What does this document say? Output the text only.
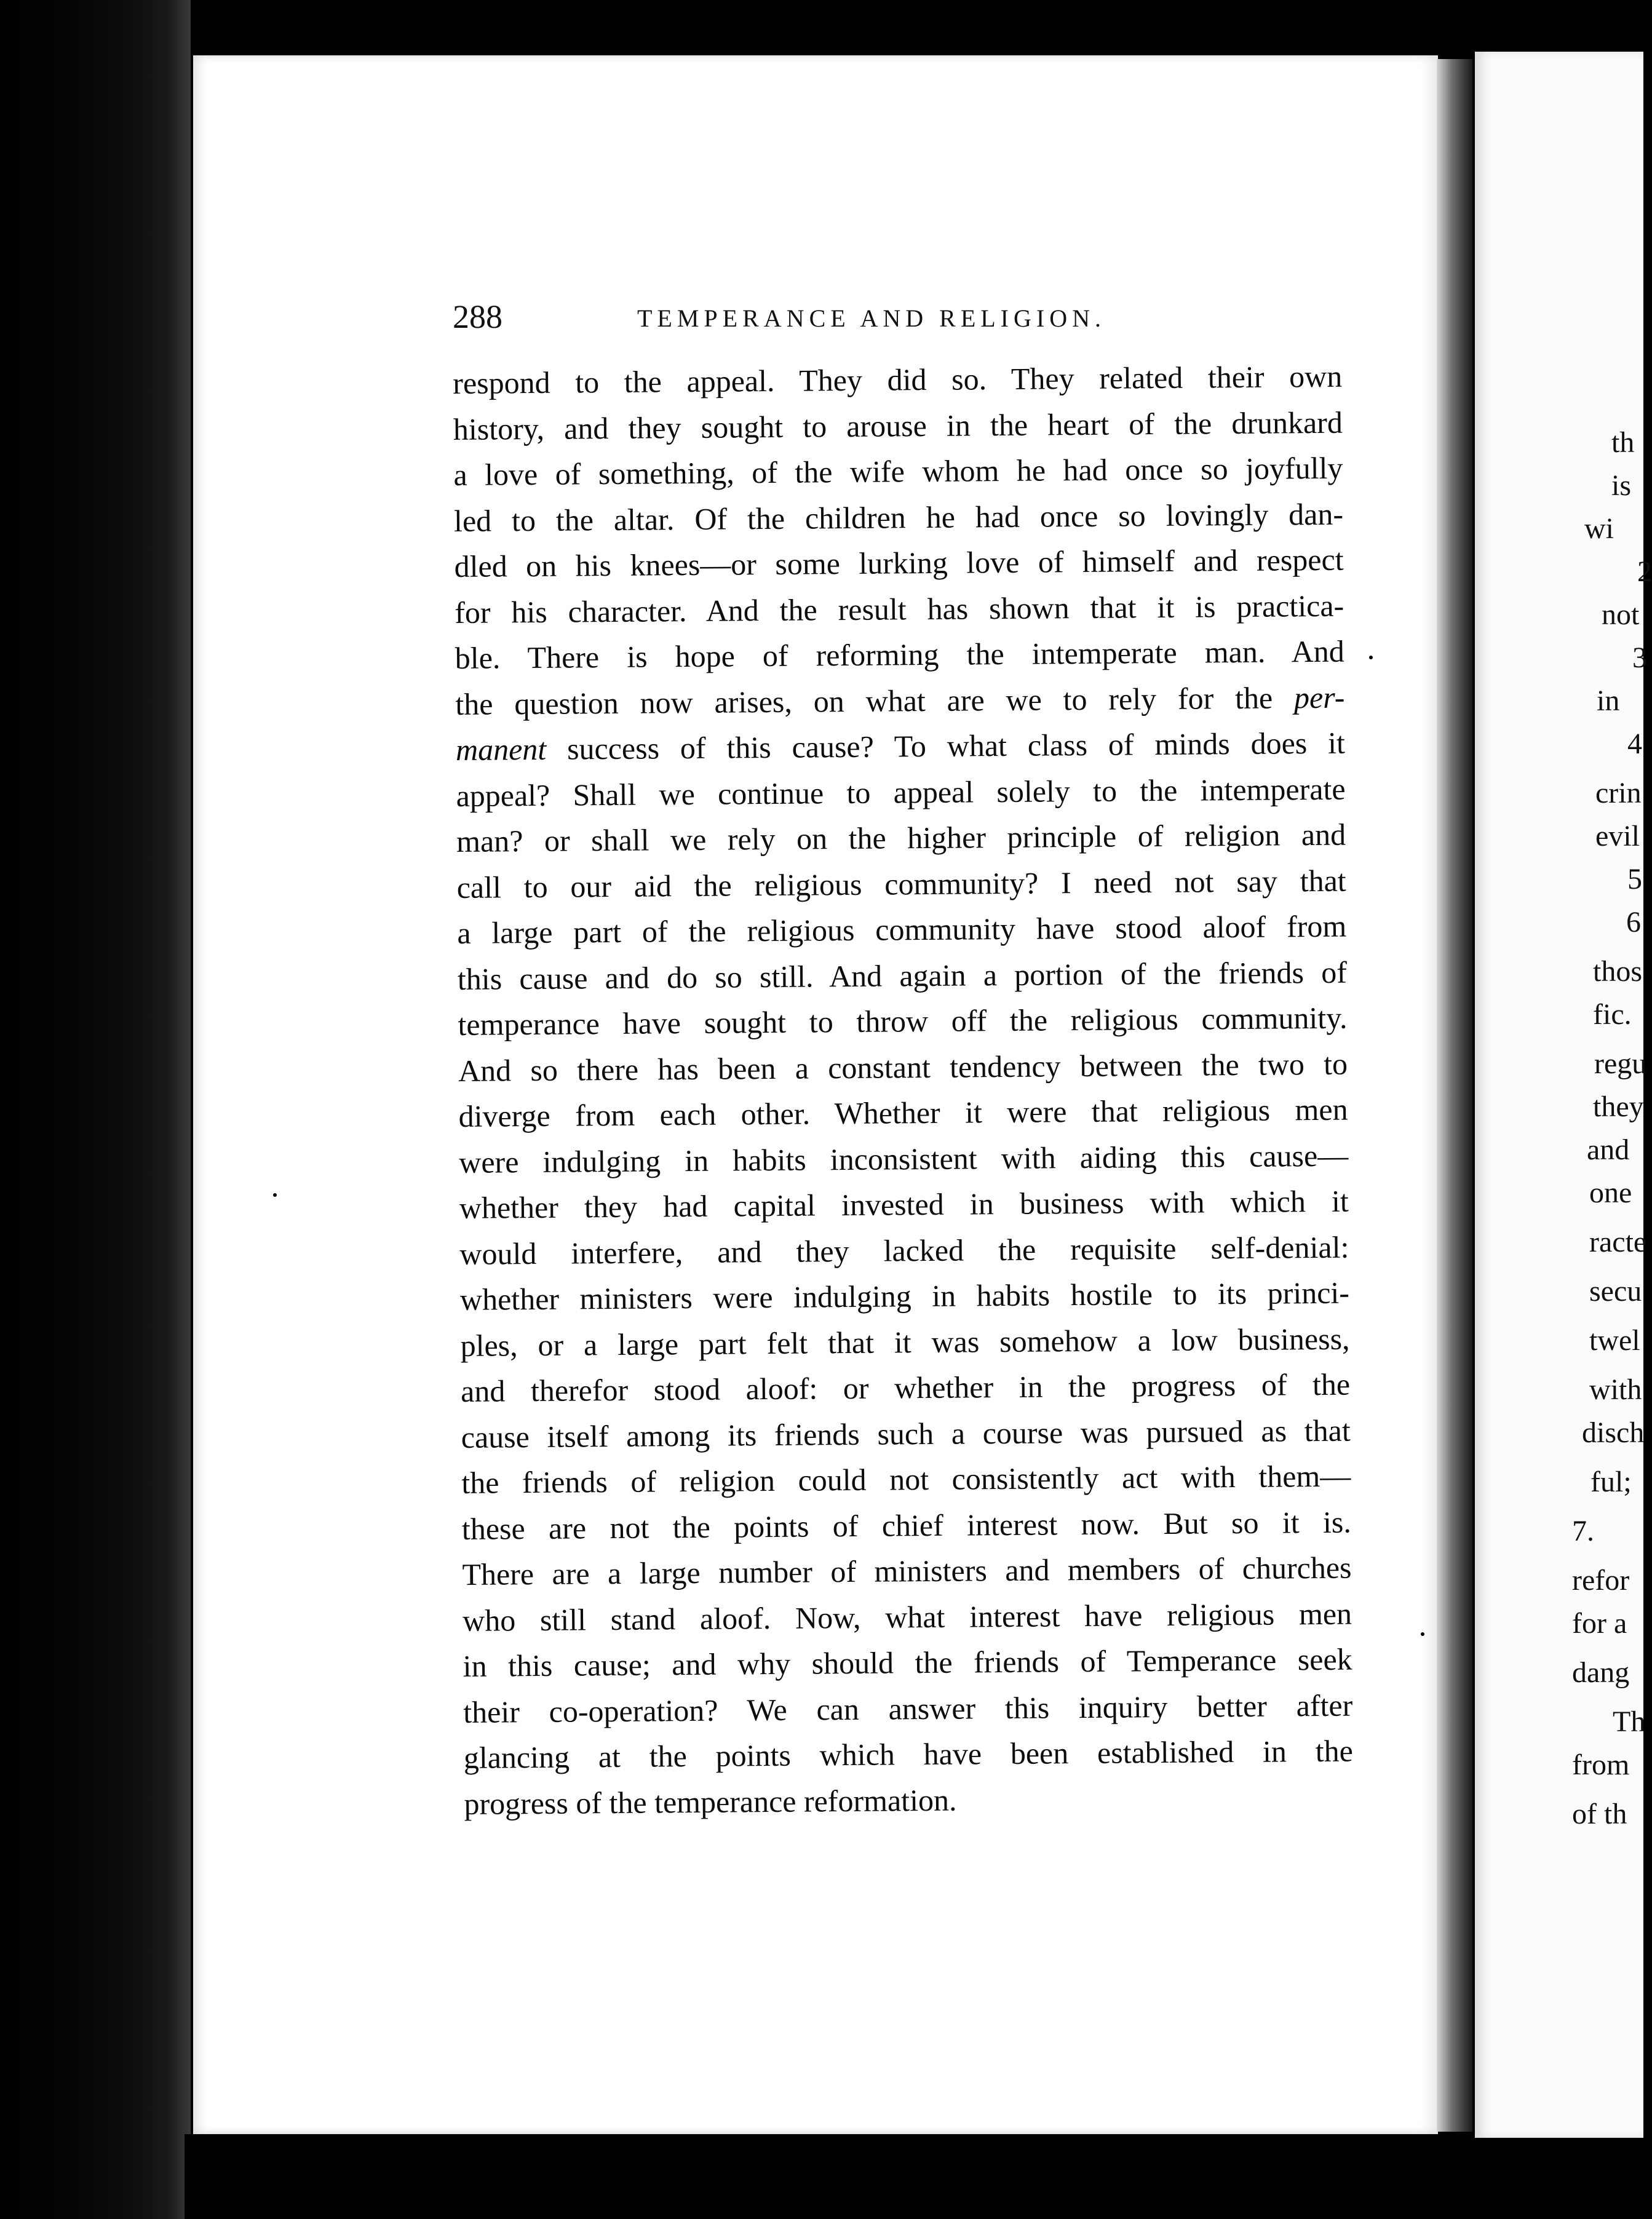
th
is
wi
2
not
3
in
4
crin
evil
5
6
thos
fic.
regu
they
and
one
racte
secu
twel
with
disch
ful;
7.
refor
for a
dang
Th
from
of th
288	TEMPERANCE AND RELIGION.
respond to the appeal. They did so. They related their own
history, and they sought to arouse in the heart of the drunkard
a love of something, of the wife whom he had once so joyfully
led to the altar. Of the children he had once so lovingly dan-
dled on his knees—or some lurking love of himself and respect
for his character. And the result has shown that it is practica-
ble. There is hope of reforming the intemperate man. And
the question now arises, on what are we to rely for the per-
manent success of this cause? To what class of minds does it
appeal? Shall we continue to appeal solely to the intemperate
man? or shall we rely on the higher principle of religion and
call to our aid the religious community? I need not say that
a large part of the religious community have stood aloof from
this cause and do so still. And again a portion of the friends of
temperance have sought to throw off the religious community.
And so there has been a constant tendency between the two to
diverge from each other. Whether it were that religious men
were indulging in habits inconsistent with aiding this cause—
whether they had capital invested in business with which it
would interfere, and they lacked the requisite self-denial:
whether ministers were indulging in habits hostile to its princi-
ples, or a large part felt that it was somehow a low business,
and therefor stood aloof: or whether in the progress of the
cause itself among its friends such a course was pursued as that
the friends of religion could not consistently act with them—
these are not the points of chief interest now. But so it is.
There are a large number of ministers and members of churches
who still stand aloof. Now, what interest have religious men
in this cause; and why should the friends of Temperance seek
their co-operation? We can answer this inquiry better after
glancing at the points which have been established in the
progress of the temperance reformation.
